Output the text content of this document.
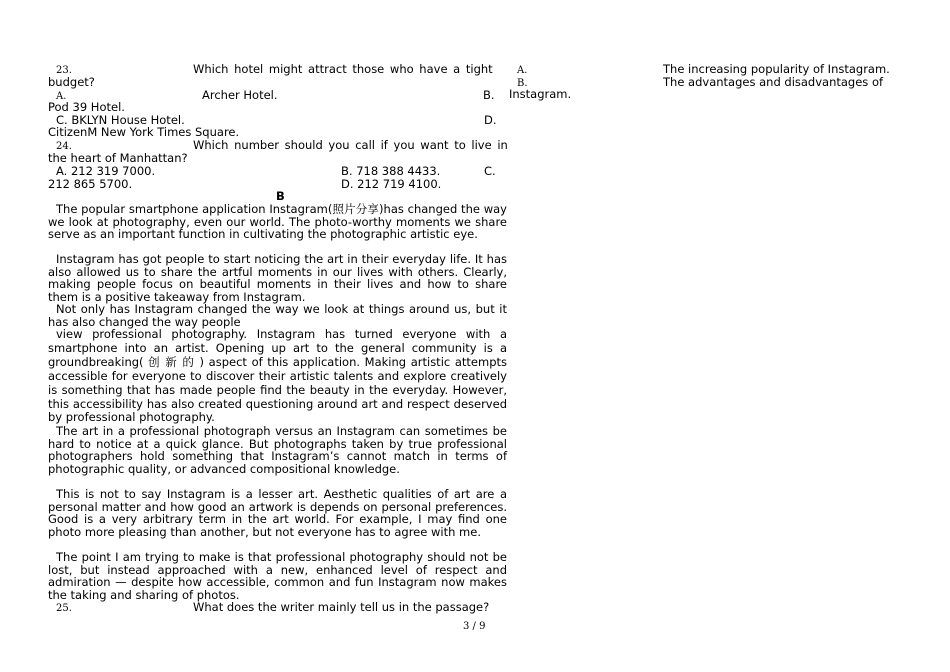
23.	Which hotel might attract those who have a tight
budget?
A.	Archer Hotel.	B.
Pod 39 Hotel.
C. BKLYN House Hotel.	D.
CitizenM New York Times Square.
24.	Which number should you call if you want to live in
the heart of Manhattan?
A. 212 319 7000.	B. 718 388 4433.	C.
212 865 5700.	D. 212 719 4100.
B
The popular smartphone application Instagram(照片分享)has changed the way we look at photography, even our world. The photo-worthy moments we share serve as an important function in cultivating the photographic artistic eye.
Instagram has got people to start noticing the art in their everyday life. It has also allowed us to share the artful moments in our lives with others. Clearly, making people focus on beautiful moments in their lives and how to share them is a positive takeaway from Instagram.
Not only has Instagram changed the way we look at things around us, but it has also changed the way people
view professional photography. Instagram has turned everyone with a smartphone into an artist. Opening up art to the general community is a groundbreaking( 创 新 的 ) aspect of this application. Making artistic attempts accessible for everyone to discover their artistic talents and explore creatively is something that has made people find the beauty in the everyday. However, this accessibility has also created questioning around art and respect deserved by professional photography.
The art in a professional photograph versus an Instagram can sometimes be hard to notice at a quick glance. But photographs taken by true professional photographers hold something that Instagram’s cannot match in terms of photographic quality, or advanced compositional knowledge.
This is not to say Instagram is a lesser art. Aesthetic qualities of art are a personal matter and how good an artwork is depends on personal preferences. Good is a very arbitrary term in the art world. For example, I may find one photo more pleasing than another, but not everyone has to agree with me.
The point I am trying to make is that professional photography should not be lost, but instead approached with a new, enhanced level of respect and admiration — despite how accessible, common and fun Instagram now makes the taking and sharing of photos.
25.	What does the writer mainly tell us in the passage?
A.	The increasing popularity of Instagram.
B.	The advantages and disadvantages of
Instagram.
3 / 9
